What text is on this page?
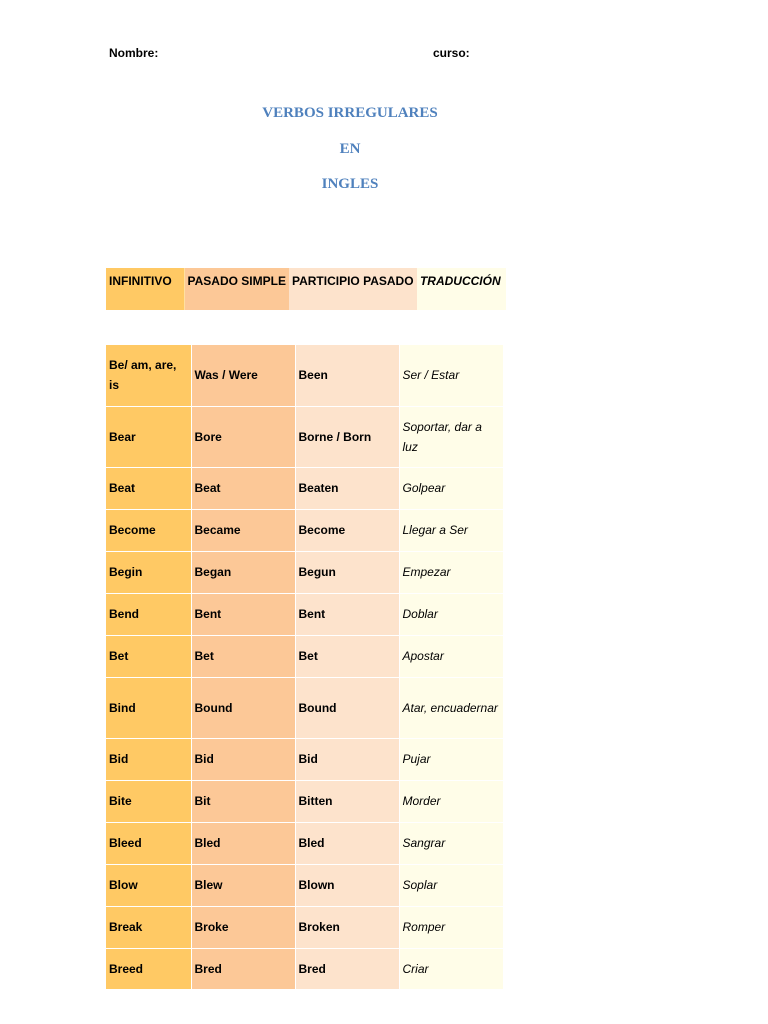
Nombre:	curso:
VERBOS IRREGULARES
EN
INGLES
INFINITIVO	PASADO SIMPLE	PARTICIPIO PASADO	TRADUCCIÓN
Be/ am, are, is	Was / Were	Been	Ser / Estar
Bear	Bore	Borne / Born	Soportar, dar a luz
Beat	Beat	Beaten	Golpear
Become	Became	Become	Llegar a Ser
Begin	Began	Begun	Empezar
Bend	Bent	Bent	Doblar
Bet	Bet	Bet	Apostar
Bind	Bound	Bound	Atar, encuadernar
Bid	Bid	Bid	Pujar
Bite	Bit	Bitten	Morder
Bleed	Bled	Bled	Sangrar
Blow	Blew	Blown	Soplar
Break	Broke	Broken	Romper
Breed	Bred	Bred	Criar
